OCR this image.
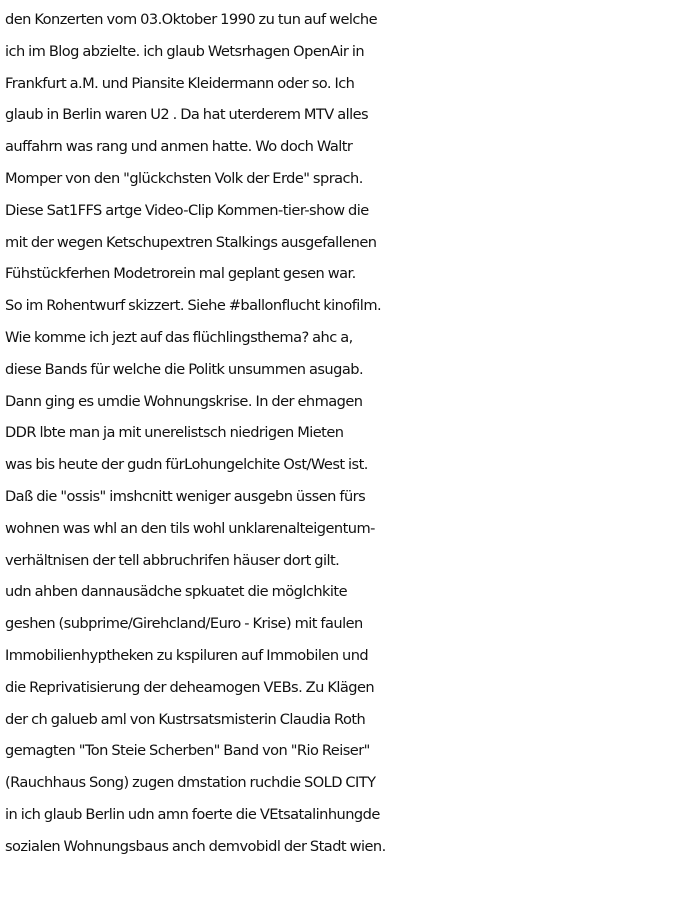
den Konzerten vom 03.Oktober 1990 zu tun auf welche
ich im Blog abzielte. ich glaub Wetsrhagen OpenAir in
Frankfurt a.M. und Piansite Kleidermann oder so. Ich
glaub in Berlin waren U2 . Da hat uterderem MTV alles
auffahrn was rang und anmen hatte. Wo doch Waltr
Momper von den "glückchsten Volk der Erde" sprach.
Diese Sat1FFS artge Video-Clip Kommen-tier-show die
mit der wegen Ketschupextren Stalkings ausgefallenen
Fühstückferhen Modetrorein mal geplant gesen war.
So im Rohentwurf skizzert. Siehe #ballonflucht kinofilm.
Wie komme ich jezt auf das flüchlingsthema? ahc a,
diese Bands für welche die Politk unsummen asugab.
Dann ging es umdie Wohnungskrise. In der ehmagen
DDR lbte man ja mit unerelistsch niedrigen Mieten
was bis heute der gudn fürLohungelchite Ost/West ist.
Daß die "ossis" imshcnitt weniger ausgebn üssen fürs
wohnen was whl an den tils wohl unklarenalteigentum-
verhältnisen der tell abbruchrifen häuser dort gilt.
udn ahben dannausädche spkuatet die möglchkite
geshen (subprime/Girehcland/Euro - Krise) mit faulen
Immobilienhyptheken zu kspiluren auf Immobilen und
die Reprivatisierung der deheamogen VEBs. Zu Klägen
der ch galueb aml von Kustrsatsmisterin Claudia Roth
gemagten "Ton Steie Scherben" Band von "Rio Reiser"
(Rauchhaus Song) zugen dmstation ruchdie SOLD CITY
in ich glaub Berlin udn amn foerte die VEtsatalinhungde
sozialen Wohnungsbaus anch demvobidl der Stadt wien.
